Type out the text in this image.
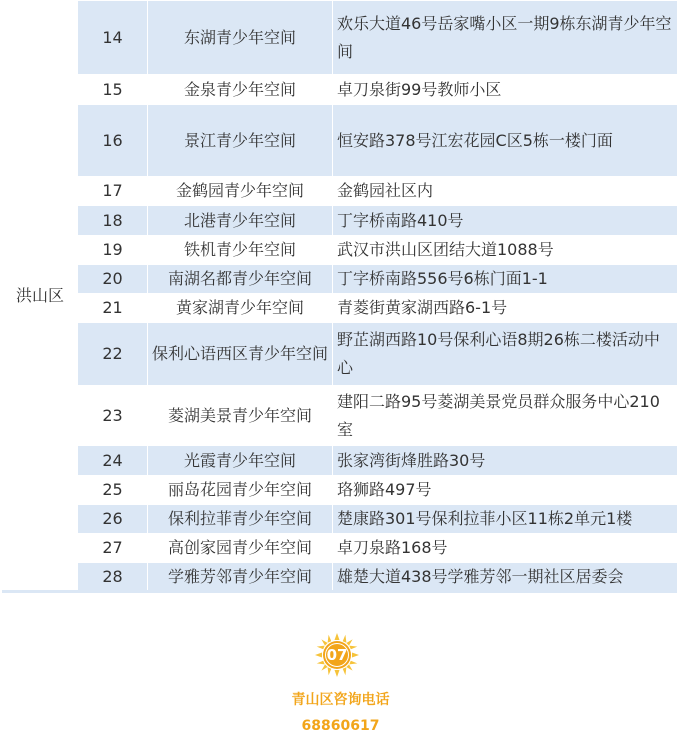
洪山区	14	东湖青少年空间	欢乐大道46号岳家嘴小区一期9栋东湖青少年空间
	15	金泉青少年空间	卓刀泉街99号教师小区
	16	景江青少年空间	恒安路378号江宏花园C区5栋一楼门面
	17	金鹤园青少年空间	金鹤园社区内
	18	北港青少年空间	丁字桥南路410号
	19	铁机青少年空间	武汉市洪山区团结大道1088号
	20	南湖名都青少年空间	丁字桥南路556号6栋门面1-1
	21	黄家湖青少年空间	青菱街黄家湖西路6-1号
	22	保利心语西区青少年空间	野芷湖西路10号保利心语8期26栋二楼活动中心
	23	菱湖美景青少年空间	建阳二路95号菱湖美景党员群众服务中心210室
	24	光霞青少年空间	张家湾街烽胜路30号
	25	丽岛花园青少年空间	珞狮路497号
	26	保利拉菲青少年空间	楚康路301号保利拉菲小区11栋2单元1楼
	27	高创家园青少年空间	卓刀泉路168号
	28	学雅芳邻青少年空间	雄楚大道438号学雅芳邻一期社区居委会
07
青山区咨询电话
68860617
